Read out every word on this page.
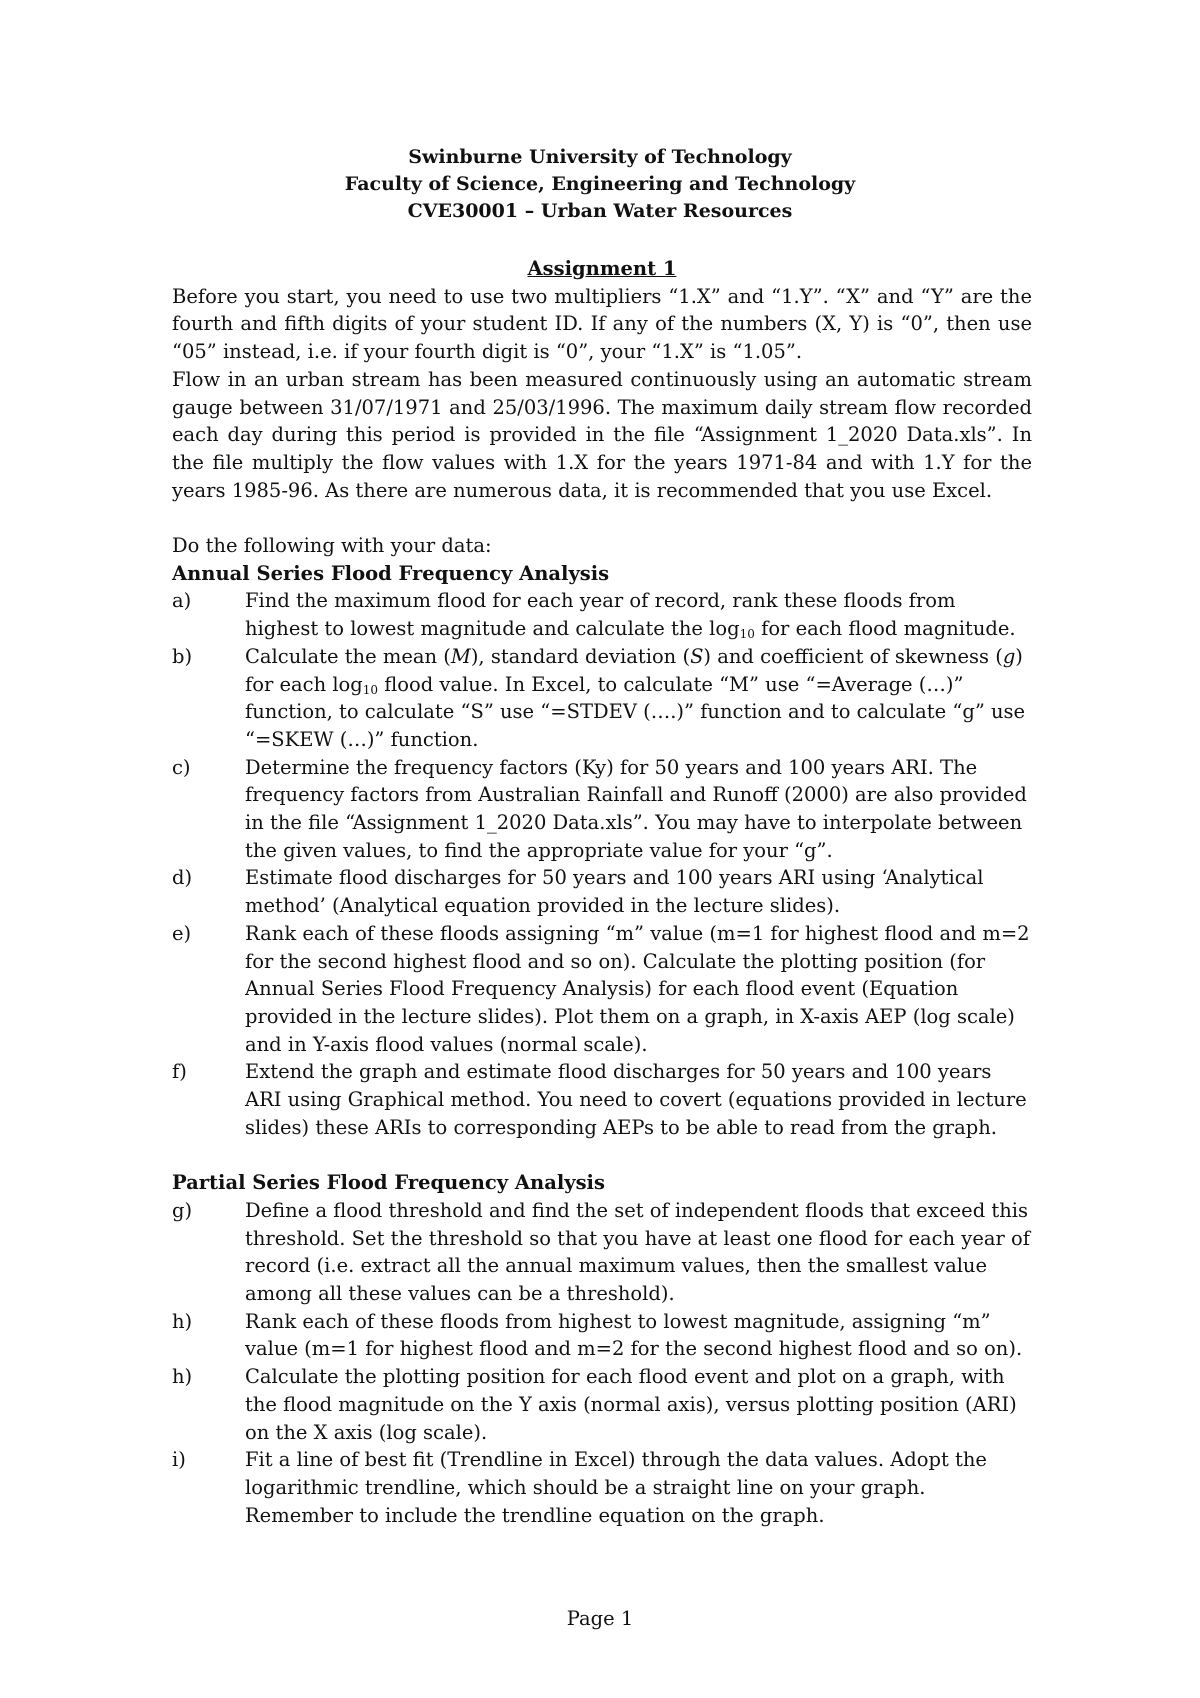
Swinburne University of Technology
Faculty of Science, Engineering and Technology
CVE30001 – Urban Water Resources

Assignment 1

Before you start, you need to use two multipliers “1.X” and “1.Y”. “X” and “Y” are the fourth and fifth digits of your student ID. If any of the numbers (X, Y) is “0”, then use “05” instead, i.e. if your fourth digit is “0”, your “1.X” is “1.05”.

Flow in an urban stream has been measured continuously using an automatic stream gauge between 31/07/1971 and 25/03/1996. The maximum daily stream flow recorded each day during this period is provided in the file “Assignment 1_2020 Data.xls”. In the file multiply the flow values with 1.X for the years 1971-84 and with 1.Y for the years 1985-96. As there are numerous data, it is recommended that you use Excel.

Do the following with your data:

Annual Series Flood Frequency Analysis

a)	Find the maximum flood for each year of record, rank these floods from highest to lowest magnitude and calculate the $\log_{10}$ for each flood magnitude.
b)	Calculate the mean (M), standard deviation (S) and coefficient of skewness (g) for each $\log_{10}$ flood value. In Excel, to calculate “M” use “=Average (…)” function, to calculate “S” use “=STDEV (….)” function and to calculate “g” use “=SKEW (…)” function.
c)	Determine the frequency factors (Ky) for 50 years and 100 years ARI. The frequency factors from Australian Rainfall and Runoff (2000) are also provided in the file “Assignment 1_2020 Data.xls”. You may have to interpolate between the given values, to find the appropriate value for your “g”.
d)	Estimate flood discharges for 50 years and 100 years ARI using ‘Analytical method’ (Analytical equation provided in the lecture slides).
e)	Rank each of these floods assigning “m” value (m=1 for highest flood and m=2 for the second highest flood and so on). Calculate the plotting position (for Annual Series Flood Frequency Analysis) for each flood event (Equation provided in the lecture slides). Plot them on a graph, in X-axis AEP (log scale) and in Y-axis flood values (normal scale).
f)	Extend the graph and estimate flood discharges for 50 years and 100 years ARI using Graphical method. You need to covert (equations provided in lecture slides) these ARIs to corresponding AEPs to be able to read from the graph.

Partial Series Flood Frequency Analysis

g)	Define a flood threshold and find the set of independent floods that exceed this threshold. Set the threshold so that you have at least one flood for each year of record (i.e. extract all the annual maximum values, then the smallest value among all these values can be a threshold).
h)	Rank each of these floods from highest to lowest magnitude, assigning “m” value (m=1 for highest flood and m=2 for the second highest flood and so on).
h)	Calculate the plotting position for each flood event and plot on a graph, with the flood magnitude on the Y axis (normal axis), versus plotting position (ARI) on the X axis (log scale).
i)	Fit a line of best fit (Trendline in Excel) through the data values. Adopt the logarithmic trendline, which should be a straight line on your graph. Remember to include the trendline equation on the graph.
Page 1
